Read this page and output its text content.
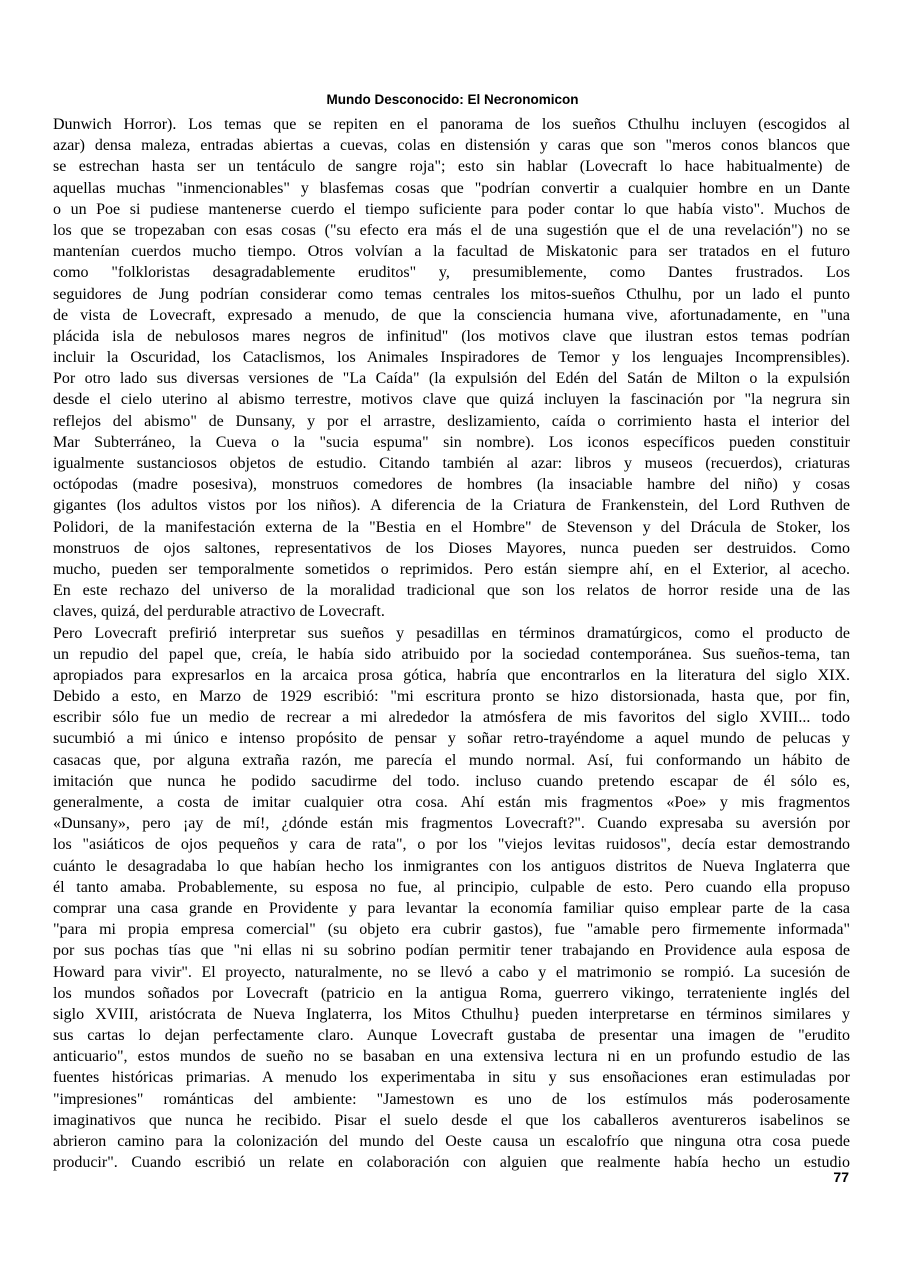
Mundo Desconocido: El Necronomicon
Dunwich Horror). Los temas que se repiten en el panorama de los sueños Cthulhu incluyen (escogidos al
azar) densa maleza, entradas abiertas a cuevas, colas en distensión y caras que son "meros conos blancos que
se estrechan hasta ser un tentáculo de sangre roja"; esto sin hablar (Lovecraft lo hace habitualmente) de
aquellas muchas "inmencionables" y blasfemas cosas que "podrían convertir a cualquier hombre en un Dante
o un Poe si pudiese mantenerse cuerdo el tiempo suficiente para poder contar lo que había visto". Muchos de
los que se tropezaban con esas cosas ("su efecto era más el de una sugestión que el de una revelación") no se
mantenían cuerdos mucho tiempo. Otros volvían a la facultad de Miskatonic para ser tratados en el futuro
como "folkloristas desagradablemente eruditos" y, presumiblemente, como Dantes frustrados. Los
seguidores de Jung podrían considerar como temas centrales los mitos-sueños Cthulhu, por un lado el punto
de vista de Lovecraft, expresado a menudo, de que la consciencia humana vive, afortunadamente, en "una
plácida isla de nebulosos mares negros de infinitud" (los motivos clave que ilustran estos temas podrían
incluir la Oscuridad, los Cataclismos, los Animales Inspiradores de Temor y los lenguajes Incomprensibles).
Por otro lado sus diversas versiones de "La Caída" (la expulsión del Edén del Satán de Milton o la expulsión
desde el cielo uterino al abismo terrestre, motivos clave que quizá incluyen la fascinación por "la negrura sin
reflejos del abismo" de Dunsany, y por el arrastre, deslizamiento, caída o corrimiento hasta el interior del
Mar Subterráneo, la Cueva o la "sucia espuma" sin nombre). Los iconos específicos pueden constituir
igualmente sustanciosos objetos de estudio. Citando también al azar: libros y museos (recuerdos), criaturas
octópodas (madre posesiva), monstruos comedores de hombres (la insaciable hambre del niño) y cosas
gigantes (los adultos vistos por los niños). A diferencia de la Criatura de Frankenstein, del Lord Ruthven de
Polidori, de la manifestación externa de la "Bestia en el Hombre" de Stevenson y del Drácula de Stoker, los
monstruos de ojos saltones, representativos de los Dioses Mayores, nunca pueden ser destruidos. Como
mucho, pueden ser temporalmente sometidos o reprimidos. Pero están siempre ahí, en el Exterior, al acecho.
En este rechazo del universo de la moralidad tradicional que son los relatos de horror reside una de las
claves, quizá, del perdurable atractivo de Lovecraft.
Pero Lovecraft prefirió interpretar sus sueños y pesadillas en términos dramatúrgicos, como el producto de
un repudio del papel que, creía, le había sido atribuido por la sociedad contemporánea. Sus sueños-tema, tan
apropiados para expresarlos en la arcaica prosa gótica, habría que encontrarlos en la literatura del siglo XIX.
Debido a esto, en Marzo de 1929 escribió: "mi escritura pronto se hizo distorsionada, hasta que, por fin,
escribir sólo fue un medio de recrear a mi alrededor la atmósfera de mis favoritos del siglo XVIII... todo
sucumbió a mi único e intenso propósito de pensar y soñar retro-trayéndome a aquel mundo de pelucas y
casacas que, por alguna extraña razón, me parecía el mundo normal. Así, fui conformando un hábito de
imitación que nunca he podido sacudirme del todo. incluso cuando pretendo escapar de él sólo es,
generalmente, a costa de imitar cualquier otra cosa. Ahí están mis fragmentos «Poe» y mis fragmentos
«Dunsany», pero ¡ay de mí!, ¿dónde están mis fragmentos Lovecraft?". Cuando expresaba su aversión por
los "asiáticos de ojos pequeños y cara de rata", o por los "viejos levitas ruidosos", decía estar demostrando
cuánto le desagradaba lo que habían hecho los inmigrantes con los antiguos distritos de Nueva Inglaterra que
él tanto amaba. Probablemente, su esposa no fue, al principio, culpable de esto. Pero cuando ella propuso
comprar una casa grande en Providente y para levantar la economía familiar quiso emplear parte de la casa
"para mi propia empresa comercial" (su objeto era cubrir gastos), fue "amable pero firmemente informada"
por sus pochas tías que "ni ellas ni su sobrino podían permitir tener trabajando en Providence aula esposa de
Howard para vivir". El proyecto, naturalmente, no se llevó a cabo y el matrimonio se rompió. La sucesión de
los mundos soñados por Lovecraft (patricio en la antigua Roma, guerrero vikingo, terrateniente inglés del
siglo XVIII, aristócrata de Nueva Inglaterra, los Mitos Cthulhu} pueden interpretarse en términos similares y
sus cartas lo dejan perfectamente claro. Aunque Lovecraft gustaba de presentar una imagen de "erudito
anticuario", estos mundos de sueño no se basaban en una extensiva lectura ni en un profundo estudio de las
fuentes históricas primarias. A menudo los experimentaba in situ y sus ensoñaciones eran estimuladas por
"impresiones" románticas del ambiente: "Jamestown es uno de los estímulos más poderosamente
imaginativos que nunca he recibido. Pisar el suelo desde el que los caballeros aventureros isabelinos se
abrieron camino para la colonización del mundo del Oeste causa un escalofrío que ninguna otra cosa puede
producir". Cuando escribió un relate en colaboración con alguien que realmente había hecho un estudio
77
